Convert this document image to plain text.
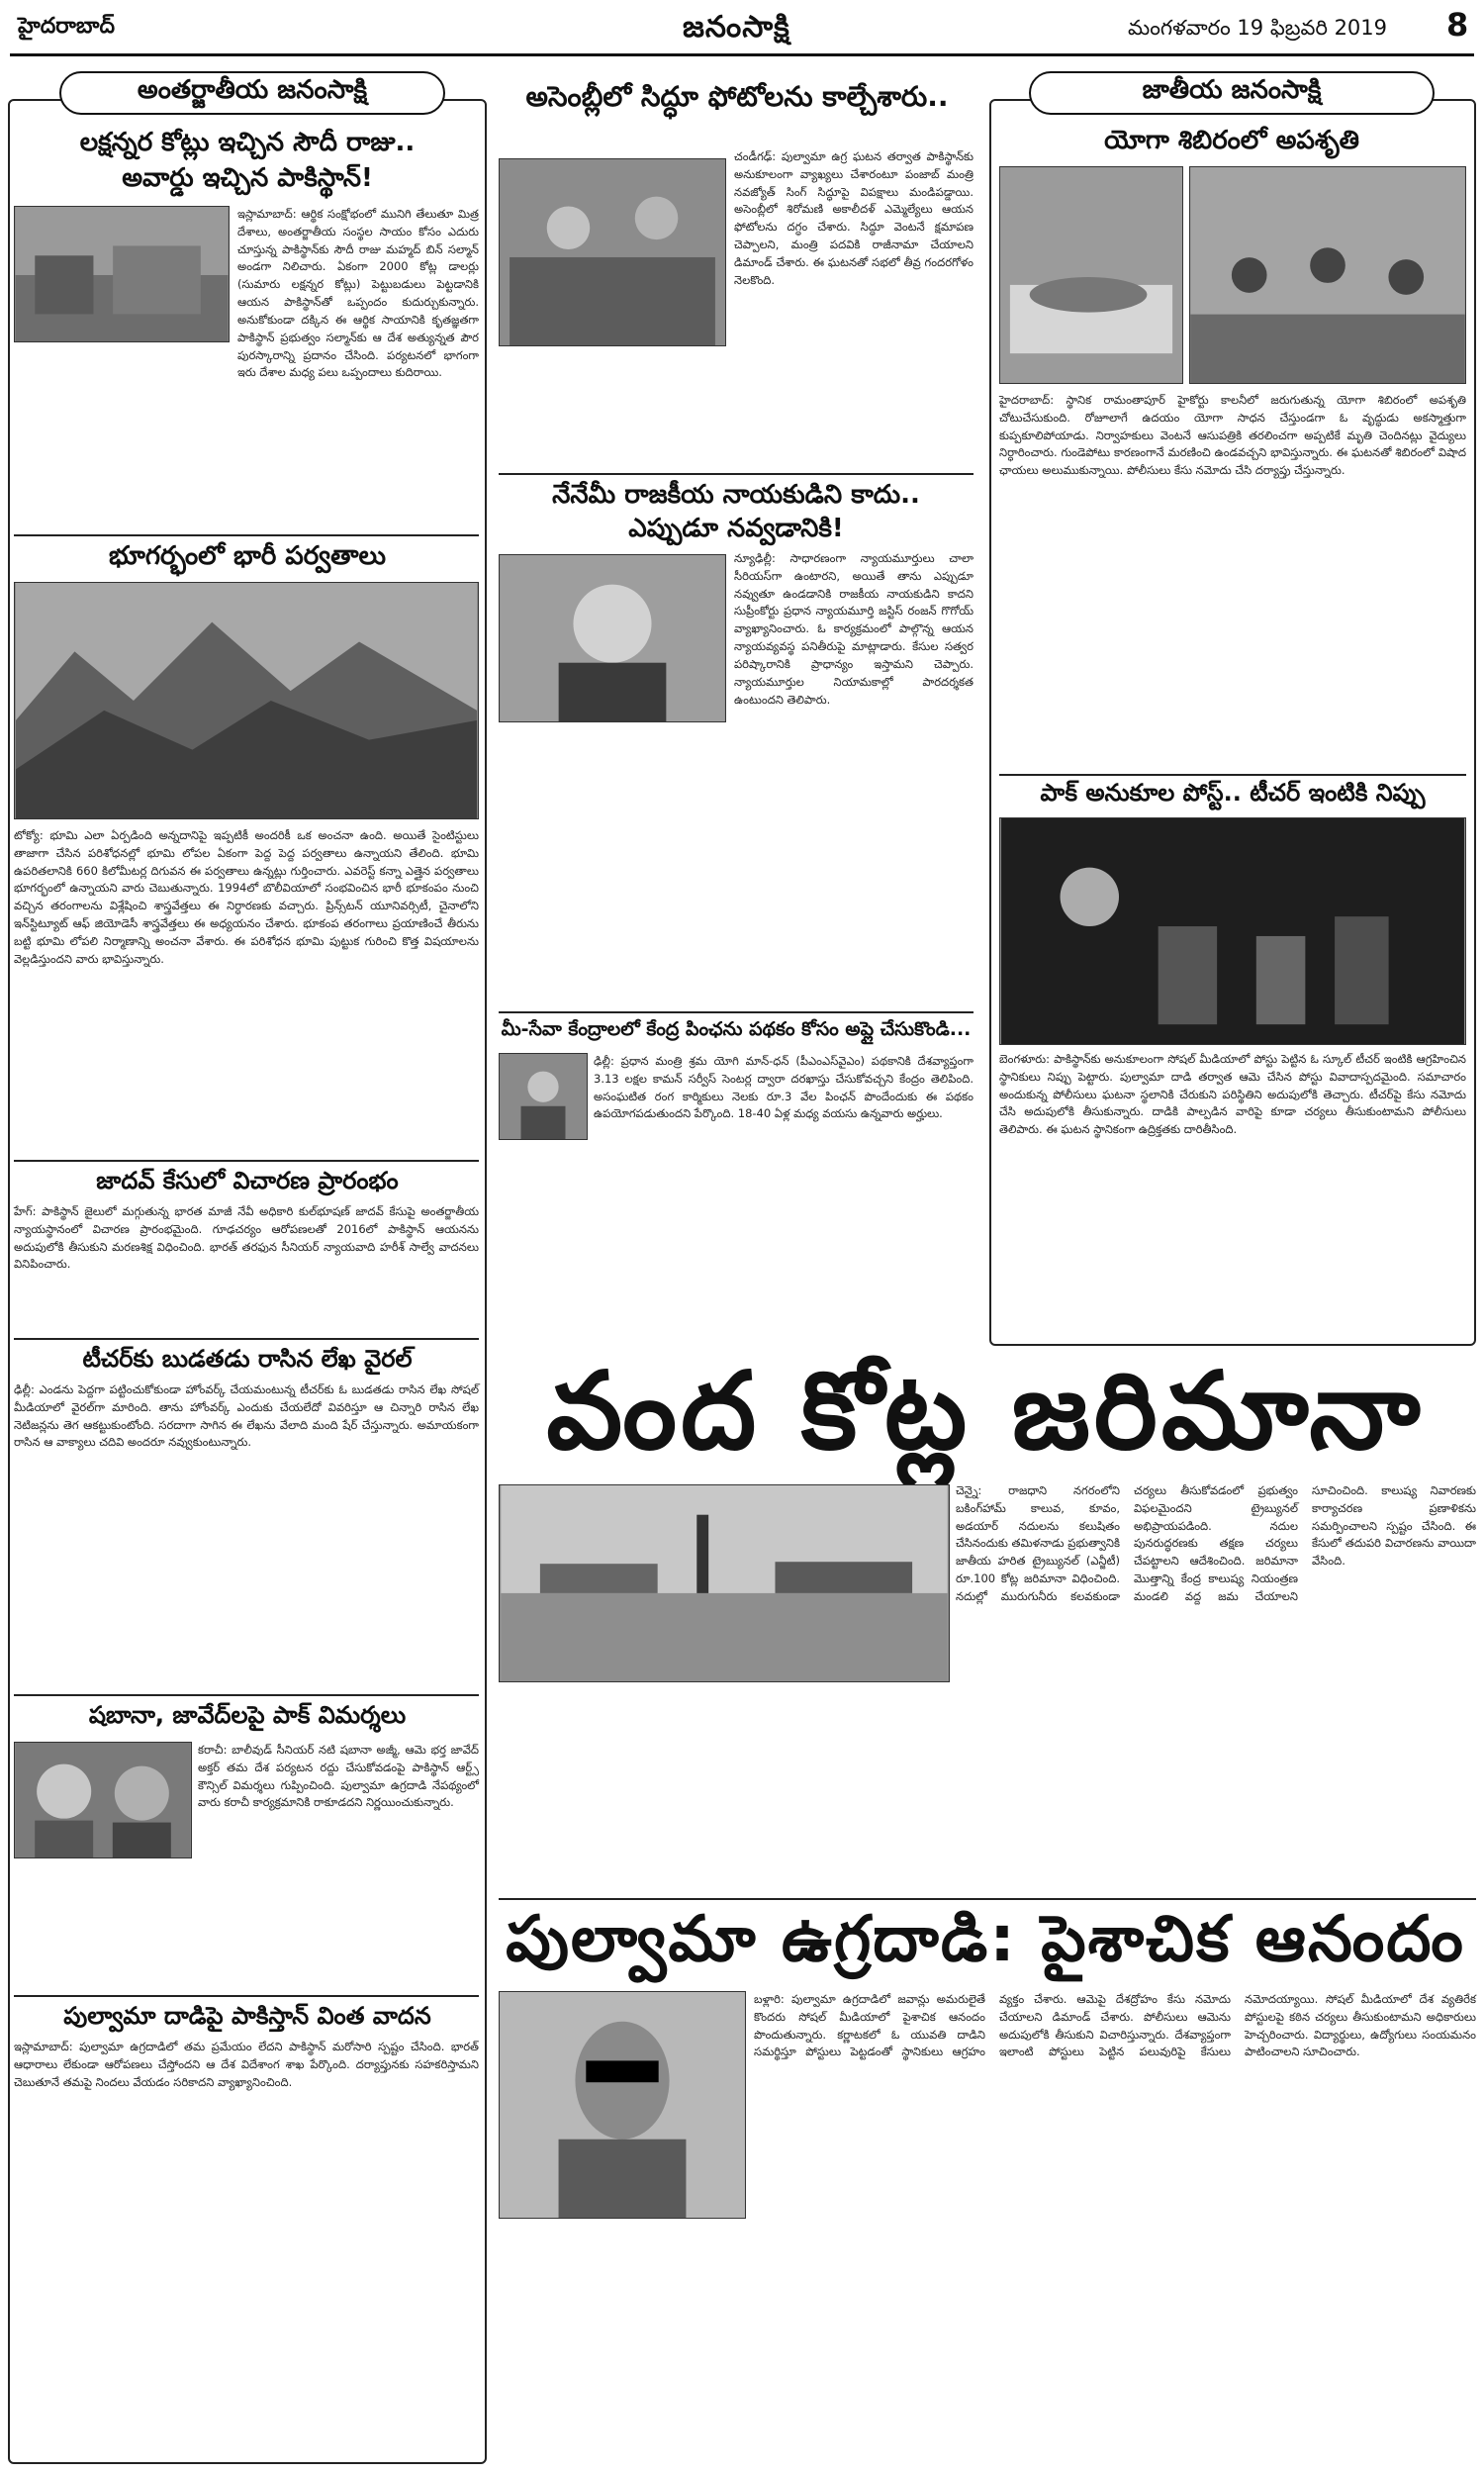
హైదరాబాద్	జనంసాక్షి	మంగళవారం 19 ఫిబ్రవరి 2019 8
అంతర్జాతీయ జనంసాక్షి
లక్షన్నర కోట్లు ఇచ్చిన సౌదీ రాజు..
అవార్డు ఇచ్చిన పాకిస్థాన్‌!
ఇస్లామాబాద్‌: ఆర్థిక సంక్షోభంలో మునిగి తేలుతూ మిత్ర దేశాలు, అంతర్జాతీయ సంస్థల సాయం కోసం ఎదురు చూస్తున్న పాకిస్థాన్‌కు సౌదీ రాజు మహ్మద్‌ బిన్‌ సల్మాన్‌ అండగా నిలిచారు. ఏకంగా 2000 కోట్ల డాలర్లు (సుమారు లక్షన్నర కోట్లు) పెట్టుబడులు పెట్టడానికి ఆయన పాకిస్థాన్‌తో ఒప్పందం కుదుర్చుకున్నారు. అనుకోకుండా దక్కిన ఈ ఆర్థిక సాయానికి కృతజ్ఞతగా పాకిస్థాన్‌ ప్రభుత్వం సల్మాన్‌కు ఆ దేశ అత్యున్నత పౌర పురస్కారాన్ని ప్రదానం చేసింది. పర్యటనలో భాగంగా ఇరు దేశాల మధ్య పలు ఒప్పందాలు కుదిరాయి.
భూగర్భంలో భారీ పర్వతాలు
టోక్యో: భూమి ఎలా ఏర్పడింది అన్నదానిపై ఇప్పటికీ అందరికీ ఒక అంచనా ఉంది. అయితే సైంటిస్టులు తాజాగా చేసిన పరిశోధనల్లో భూమి లోపల ఏకంగా పెద్ద పెద్ద పర్వతాలు ఉన్నాయని తేలింది. భూమి ఉపరితలానికి 660 కిలోమీటర్ల దిగువన ఈ పర్వతాలు ఉన్నట్లు గుర్తించారు. ఎవరెస్ట్‌ కన్నా ఎత్తైన పర్వతాలు భూగర్భంలో ఉన్నాయని వారు చెబుతున్నారు. 1994లో బొలీవియాలో సంభవించిన భారీ భూకంపం నుంచి వచ్చిన తరంగాలను విశ్లేషించి శాస్త్రవేత్తలు ఈ నిర్ధారణకు వచ్చారు. ప్రిన్స్‌టన్‌ యూనివర్సిటీ, చైనాలోని ఇన్‌స్టిట్యూట్‌ ఆఫ్‌ జియోడెసీ శాస్త్రవేత్తలు ఈ అధ్యయనం చేశారు. భూకంప తరంగాలు ప్రయాణించే తీరును బట్టి భూమి లోపలి నిర్మాణాన్ని అంచనా వేశారు. ఈ పరిశోధన భూమి పుట్టుక గురించి కొత్త విషయాలను వెల్లడిస్తుందని వారు భావిస్తున్నారు.
జాదవ్‌ కేసులో విచారణ ప్రారంభం
హేగ్‌: పాకిస్థాన్‌ జైలులో మగ్గుతున్న భారత మాజీ నేవీ అధికారి కుల్‌భూషణ్‌ జాదవ్‌ కేసుపై అంతర్జాతీయ న్యాయస్థానంలో విచారణ ప్రారంభమైంది. గూఢచర్యం ఆరోపణలతో 2016లో పాకిస్థాన్‌ ఆయనను అదుపులోకి తీసుకుని మరణశిక్ష విధించింది. భారత్‌ తరఫున సీనియర్‌ న్యాయవాది హరీశ్‌ సాల్వే వాదనలు వినిపించారు.
టీచర్‌కు బుడతడు రాసిన లేఖ వైరల్‌
ఢిల్లీ: ఎండను పెద్దగా పట్టించుకోకుండా హోంవర్క్‌ చేయమంటున్న టీచర్‌కు ఓ బుడతడు రాసిన లేఖ సోషల్‌ మీడియాలో వైరల్‌గా మారింది. తాను హోంవర్క్‌ ఎందుకు చేయలేదో వివరిస్తూ ఆ చిన్నారి రాసిన లేఖ నెటిజన్లను తెగ ఆకట్టుకుంటోంది. సరదాగా సాగిన ఈ లేఖను వేలాది మంది షేర్‌ చేస్తున్నారు. అమాయకంగా రాసిన ఆ వాక్యాలు చదివి అందరూ నవ్వుకుంటున్నారు.
షబానా, జావేద్‌లపై పాక్‌ విమర్శలు
కరాచీ: బాలీవుడ్‌ సీనియర్‌ నటి షబానా అజ్మీ, ఆమె భర్త జావేద్‌ అక్తర్‌ తమ దేశ పర్యటన రద్దు చేసుకోవడంపై పాకిస్థాన్‌ ఆర్ట్స్‌ కౌన్సిల్‌ విమర్శలు గుప్పించింది. పుల్వామా ఉగ్రదాడి నేపథ్యంలో వారు కరాచీ కార్యక్రమానికి రాకూడదని నిర్ణయించుకున్నారు.
పుల్వామా దాడిపై పాకిస్తాన్‌ వింత వాదన
ఇస్లామాబాద్‌: పుల్వామా ఉగ్రదాడిలో తమ ప్రమేయం లేదని పాకిస్థాన్‌ మరోసారి స్పష్టం చేసింది. భారత్‌ ఆధారాలు లేకుండా ఆరోపణలు చేస్తోందని ఆ దేశ విదేశాంగ శాఖ పేర్కొంది. దర్యాప్తునకు సహకరిస్తామని చెబుతూనే తమపై నిందలు వేయడం సరికాదని వ్యాఖ్యానించింది.
అసెంబ్లీలో సిద్ధూ ఫోటోలను కాల్చేశారు..
చండీగఢ్‌: పుల్వామా ఉగ్ర ఘటన తర్వాత పాకిస్థాన్‌కు అనుకూలంగా వ్యాఖ్యలు చేశారంటూ పంజాబ్‌ మంత్రి నవజ్యోత్‌ సింగ్‌ సిద్ధూపై విపక్షాలు మండిపడ్డాయి. అసెంబ్లీలో శిరోమణి అకాలీదళ్‌ ఎమ్మెల్యేలు ఆయన ఫోటోలను దగ్ధం చేశారు. సిద్ధూ వెంటనే క్షమాపణ చెప్పాలని, మంత్రి పదవికి రాజీనామా చేయాలని డిమాండ్‌ చేశారు. ఈ ఘటనతో సభలో తీవ్ర గందరగోళం నెలకొంది.
నేనేమీ రాజకీయ నాయకుడిని కాదు..
ఎప్పుడూ నవ్వడానికి!
న్యూఢిల్లీ: సాధారణంగా న్యాయమూర్తులు చాలా సీరియస్‌గా ఉంటారని, అయితే తాను ఎప్పుడూ నవ్వుతూ ఉండడానికి రాజకీయ నాయకుడిని కాదని సుప్రీంకోర్టు ప్రధాన న్యాయమూర్తి జస్టిస్‌ రంజన్‌ గొగోయ్‌ వ్యాఖ్యానించారు. ఓ కార్యక్రమంలో పాల్గొన్న ఆయన న్యాయవ్యవస్థ పనితీరుపై మాట్లాడారు. కేసుల సత్వర పరిష్కారానికి ప్రాధాన్యం ఇస్తామని చెప్పారు. న్యాయమూర్తుల నియామకాల్లో పారదర్శకత ఉంటుందని తెలిపారు.
మీ-సేవా కేంద్రాలలో కేంద్ర పింఛను పథకం కోసం అప్లై చేసుకొండి...
ఢిల్లీ: ప్రధాన మంత్రి శ్రమ యోగి మాన్‌-ధన్‌ (పీఎంఎస్‌వైఎం) పథకానికి దేశవ్యాప్తంగా 3.13 లక్షల కామన్‌ సర్వీస్‌ సెంటర్ల ద్వారా దరఖాస్తు చేసుకోవచ్చని కేంద్రం తెలిపింది. అసంఘటిత రంగ కార్మికులు నెలకు రూ.3 వేల పింఛన్‌ పొందేందుకు ఈ పథకం ఉపయోగపడుతుందని పేర్కొంది. 18-40 ఏళ్ల మధ్య వయసు ఉన్నవారు అర్హులు.
జాతీయ జనంసాక్షి
యోగా శిబిరంలో అపశృతి
హైదరాబాద్‌: స్థానిక రామంతాపూర్‌ హైకోర్టు కాలనీలో జరుగుతున్న యోగా శిబిరంలో అపశృతి చోటుచేసుకుంది. రోజూలాగే ఉదయం యోగా సాధన చేస్తుండగా ఓ వృద్ధుడు అకస్మాత్తుగా కుప్పకూలిపోయాడు. నిర్వాహకులు వెంటనే ఆసుపత్రికి తరలించగా అప్పటికే మృతి చెందినట్లు వైద్యులు నిర్ధారించారు. గుండెపోటు కారణంగానే మరణించి ఉండవచ్చని భావిస్తున్నారు. ఈ ఘటనతో శిబిరంలో విషాద ఛాయలు అలుముకున్నాయి. పోలీసులు కేసు నమోదు చేసి దర్యాప్తు చేస్తున్నారు.
పాక్‌ అనుకూల పోస్ట్‌.. టీచర్‌ ఇంటికి నిప్పు
బెంగళూరు: పాకిస్థాన్‌కు అనుకూలంగా సోషల్‌ మీడియాలో పోస్టు పెట్టిన ఓ స్కూల్‌ టీచర్‌ ఇంటికి ఆగ్రహించిన స్థానికులు నిప్పు పెట్టారు. పుల్వామా దాడి తర్వాత ఆమె చేసిన పోస్టు వివాదాస్పదమైంది. సమాచారం అందుకున్న పోలీసులు ఘటనా స్థలానికి చేరుకుని పరిస్థితిని అదుపులోకి తెచ్చారు. టీచర్‌పై కేసు నమోదు చేసి అదుపులోకి తీసుకున్నారు. దాడికి పాల్పడిన వారిపై కూడా చర్యలు తీసుకుంటామని పోలీసులు తెలిపారు. ఈ ఘటన స్థానికంగా ఉద్రిక్తతకు దారితీసింది.
వంద కోట్ల జరిమానా
చెన్నై: రాజధాని నగరంలోని బకింగ్‌హామ్‌ కాలువ, కూవం, అడయార్‌ నదులను కలుషితం చేసినందుకు తమిళనాడు ప్రభుత్వానికి జాతీయ హరిత ట్రైబ్యునల్‌ (ఎన్జీటీ) రూ.100 కోట్ల జరిమానా విధించింది. నదుల్లో మురుగునీరు కలవకుండా చర్యలు తీసుకోవడంలో ప్రభుత్వం విఫలమైందని ట్రైబ్యునల్‌ అభిప్రాయపడింది. నదుల పునరుద్ధరణకు తక్షణ చర్యలు చేపట్టాలని ఆదేశించింది. జరిమానా మొత్తాన్ని కేంద్ర కాలుష్య నియంత్రణ మండలి వద్ద జమ చేయాలని సూచించింది. కాలుష్య నివారణకు కార్యాచరణ ప్రణాళికను సమర్పించాలని స్పష్టం చేసింది. ఈ కేసులో తదుపరి విచారణను వాయిదా వేసింది.
పుల్వామా ఉగ్రదాడి: పైశాచిక ఆనందం
బళ్లారి: పుల్వామా ఉగ్రదాడిలో జవాన్లు అమరులైతే కొందరు సోషల్‌ మీడియాలో పైశాచిక ఆనందం పొందుతున్నారు. కర్ణాటకలో ఓ యువతి దాడిని సమర్థిస్తూ పోస్టులు పెట్టడంతో స్థానికులు ఆగ్రహం వ్యక్తం చేశారు. ఆమెపై దేశద్రోహం కేసు నమోదు చేయాలని డిమాండ్‌ చేశారు. పోలీసులు ఆమెను అదుపులోకి తీసుకుని విచారిస్తున్నారు. దేశవ్యాప్తంగా ఇలాంటి పోస్టులు పెట్టిన పలువురిపై కేసులు నమోదయ్యాయి. సోషల్‌ మీడియాలో దేశ వ్యతిరేక పోస్టులపై కఠిన చర్యలు తీసుకుంటామని అధికారులు హెచ్చరించారు. విద్యార్థులు, ఉద్యోగులు సంయమనం పాటించాలని సూచించారు.
